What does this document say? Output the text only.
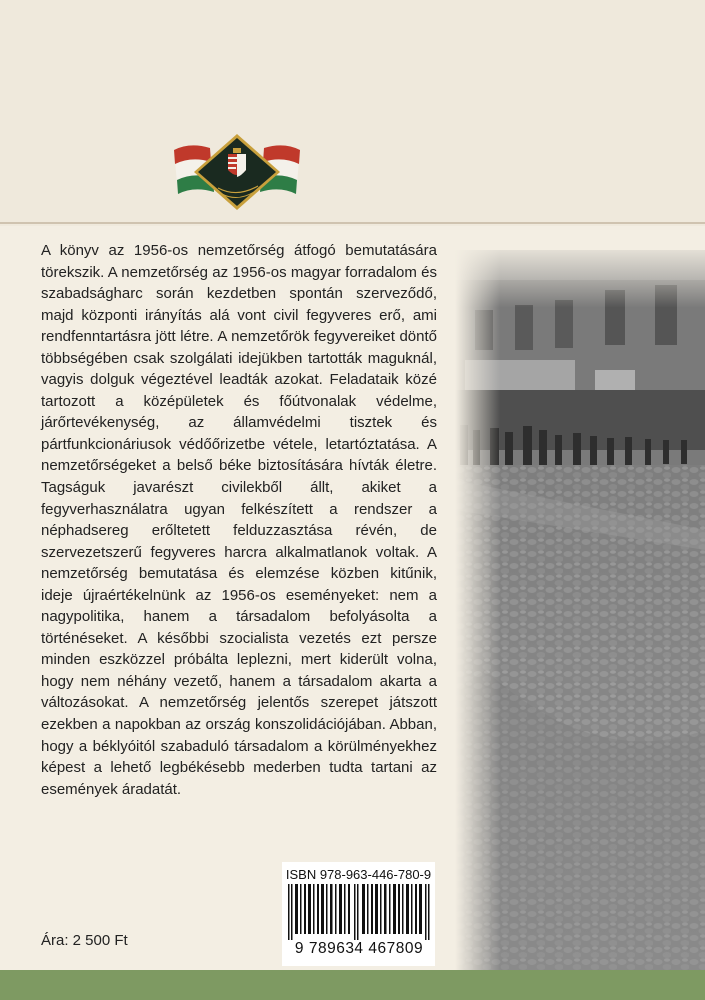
A könyv az 1956-os nemzetőrség átfogó bemutatására törekszik. A nemzetőrség az 1956-os magyar forradalom és szabadságharc során kezdetben spontán szerveződő, majd központi irányítás alá vont civil fegyveres erő, ami rendfenntartásra jött létre. A nemzetőrök fegyvereiket döntő többségében csak szolgálati idejükben tartották maguknál, vagyis dolguk végeztével leadták azokat. Feladataik közé tartozott a középületek és főútvonalak védelme, járőrtevékenység, az államvédelmi tisztek és pártfunkcionáriusok védőőrizetbe vétele, letartóztatása. A nemzetőrségeket a belső béke biztosítására hívták életre. Tagságuk javarészt civilekből állt, akiket a fegyverhasználatra ugyan felkészített a rendszer a néphadsereg erőltetett felduzzasztása révén, de szervezetszerű fegyveres harcra alkalmatlanok voltak. A nemzetőrség bemutatása és elemzése közben kitűnik, ideje újraértékelnünk az 1956-os eseményeket: nem a nagypolitika, hanem a társadalom befolyásolta a történéseket. A későbbi szocialista vezetés ezt persze minden eszközzel próbálta leplezni, mert kiderült volna, hogy nem néhány vezető, hanem a társadalom akarta a változásokat. A nemzetőrség jelentős szerepet játszott ezekben a napokban az ország konszolidációjában. Abban, hogy a béklyóitól szabaduló társadalom a körülményekhez képest a lehető legbékésebb mederben tudta tartani az események áradatát.

ISBN 978-963-446-780-9
9 789634 467809
Ára: 2 500 Ft
